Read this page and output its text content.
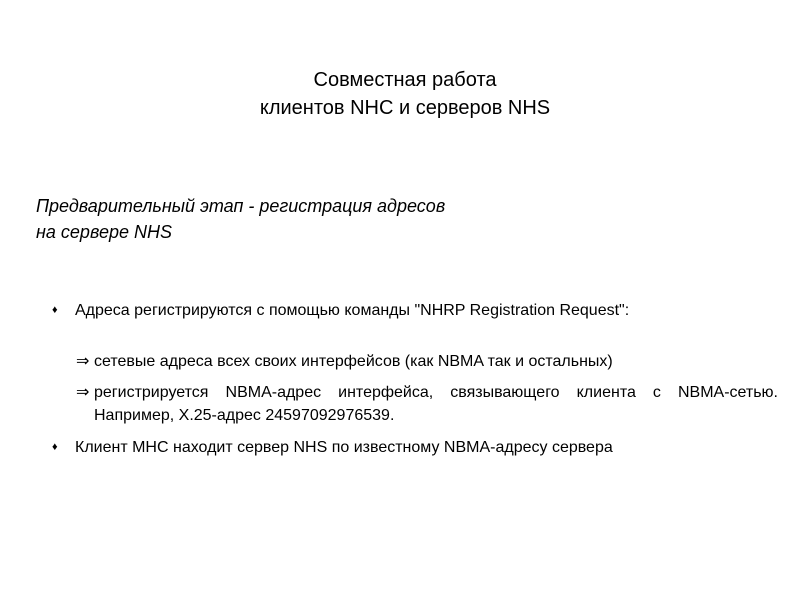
Совместная работа
клиентов NHC и серверов NHS
Предварительный этап - регистрация адресов
на сервере NHS
♦	Адреса регистрируются с помощью команды "NHRP Registration Request":
⇒ сетевые адреса всех своих интерфейсов (как NBMA так и остальных)
⇒ регистрируется NBMA-адрес интерфейса, связывающего клиента с NBMA-сетью. Например, X.25-адрес 24597092976539.
♦	Клиент MHC находит сервер NHS по известному NBMA-адресу сервера
